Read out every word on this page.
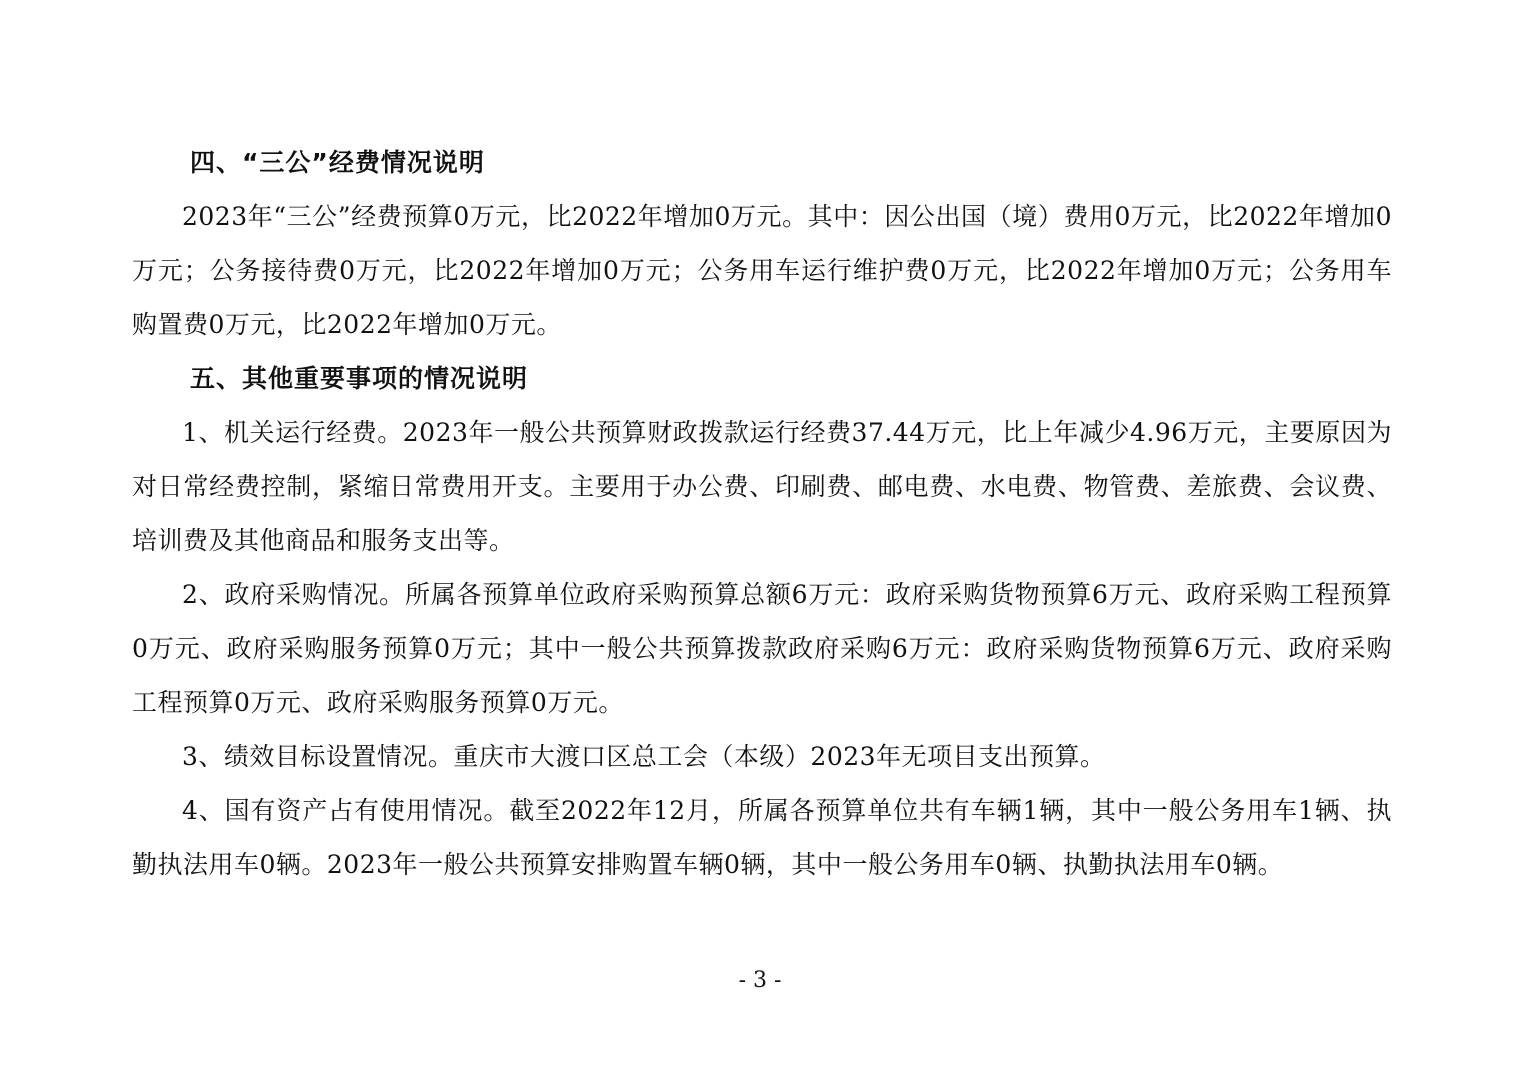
四、“三公”经费情况说明

2023年“三公”经费预算0万元，比2022年增加0万元。其中：因公出国（境）费用0万元，比2022年增加0万元；公务接待费0万元，比2022年增加0万元；公务用车运行维护费0万元，比2022年增加0万元；公务用车购置费0万元，比2022年增加0万元。

五、其他重要事项的情况说明

1、机关运行经费。2023年一般公共预算财政拨款运行经费37.44万元，比上年减少4.96万元，主要原因为对日常经费控制，紧缩日常费用开支。主要用于办公费、印刷费、邮电费、水电费、物管费、差旅费、会议费、培训费及其他商品和服务支出等。

2、政府采购情况。所属各预算单位政府采购预算总额6万元：政府采购货物预算6万元、政府采购工程预算0万元、政府采购服务预算0万元；其中一般公共预算拨款政府采购6万元：政府采购货物预算6万元、政府采购工程预算0万元、政府采购服务预算0万元。

3、绩效目标设置情况。重庆市大渡口区总工会（本级）2023年无项目支出预算。

4、国有资产占有使用情况。截至2022年12月，所属各预算单位共有车辆1辆，其中一般公务用车1辆、执勤执法用车0辆。2023年一般公共预算安排购置车辆0辆，其中一般公务用车0辆、执勤执法用车0辆。

- 3 -
